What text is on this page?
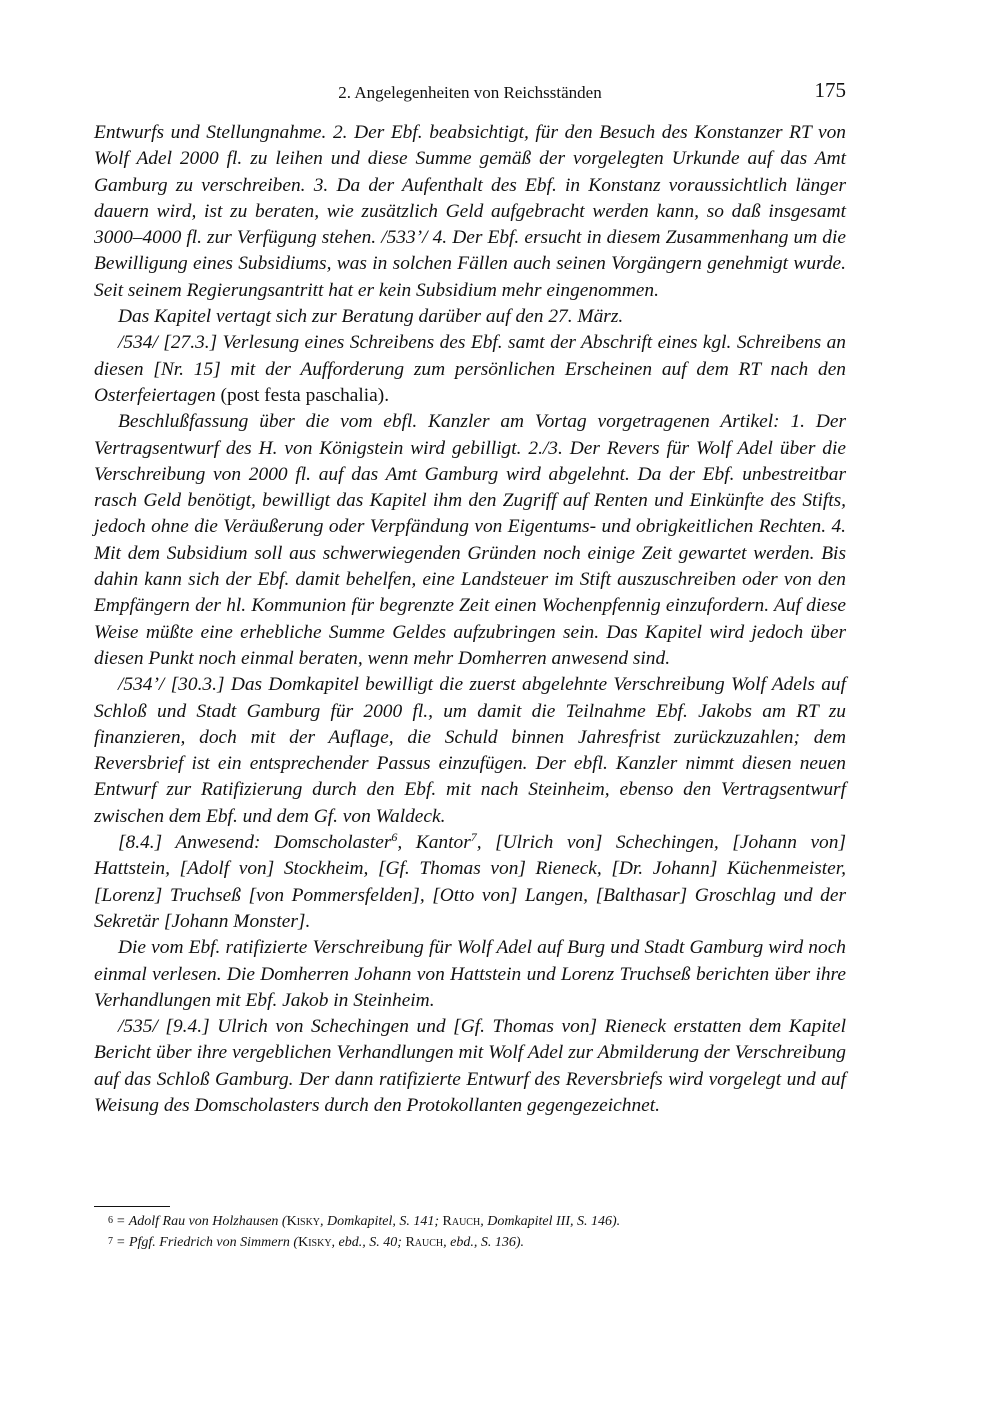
2. Angelegenheiten von Reichsständen	175

Entwurfs und Stellungnahme. 2. Der Ebf. beabsichtigt, für den Besuch des Konstanzer RT von Wolf Adel 2000 fl. zu leihen und diese Summe gemäß der vorgelegten Urkunde auf das Amt Gamburg zu verschreiben. 3. Da der Aufenthalt des Ebf. in Konstanz voraussichtlich länger dauern wird, ist zu beraten, wie zusätzlich Geld aufgebracht werden kann, so daß insgesamt 3000–4000 fl. zur Verfügung stehen. /533’/ 4. Der Ebf. ersucht in diesem Zusammenhang um die Bewilligung eines Subsidiums, was in solchen Fällen auch seinen Vorgängern genehmigt wurde. Seit seinem Regierungsantritt hat er kein Subsidium mehr eingenommen.

Das Kapitel vertagt sich zur Beratung darüber auf den 27. März.

/534/ [27.3.] Verlesung eines Schreibens des Ebf. samt der Abschrift eines kgl. Schreibens an diesen [Nr. 15] mit der Aufforderung zum persönlichen Erscheinen auf dem RT nach den Osterfeiertagen (post festa paschalia).

Beschlußfassung über die vom ebfl. Kanzler am Vortag vorgetragenen Artikel: 1. Der Vertragsentwurf des H. von Königstein wird gebilligt. 2./3. Der Revers für Wolf Adel über die Verschreibung von 2000 fl. auf das Amt Gamburg wird abgelehnt. Da der Ebf. unbestreitbar rasch Geld benötigt, bewilligt das Kapitel ihm den Zugriff auf Renten und Einkünfte des Stifts, jedoch ohne die Veräußerung oder Verpfändung von Eigentums- und obrigkeitlichen Rechten. 4. Mit dem Subsidium soll aus schwerwiegenden Gründen noch einige Zeit gewartet werden. Bis dahin kann sich der Ebf. damit behelfen, eine Landsteuer im Stift auszuschreiben oder von den Empfängern der hl. Kommunion für begrenzte Zeit einen Wochenpfennig einzufordern. Auf diese Weise müßte eine erhebliche Summe Geldes aufzubringen sein. Das Kapitel wird jedoch über diesen Punkt noch einmal beraten, wenn mehr Domherren anwesend sind.

/534’/ [30.3.] Das Domkapitel bewilligt die zuerst abgelehnte Verschreibung Wolf Adels auf Schloß und Stadt Gamburg für 2000 fl., um damit die Teilnahme Ebf. Jakobs am RT zu finanzieren, doch mit der Auflage, die Schuld binnen Jahresfrist zurückzuzahlen; dem Reversbrief ist ein entsprechender Passus einzufügen. Der ebfl. Kanzler nimmt diesen neuen Entwurf zur Ratifizierung durch den Ebf. mit nach Steinheim, ebenso den Vertragsentwurf zwischen dem Ebf. und dem Gf. von Waldeck.

[8.4.] Anwesend: Domscholaster$^6$, Kantor$^7$, [Ulrich von] Schechingen, [Johann von] Hattstein, [Adolf von] Stockheim, [Gf. Thomas von] Rieneck, [Dr. Johann] Küchenmeister, [Lorenz] Truchseß [von Pommersfelden], [Otto von] Langen, [Balthasar] Groschlag und der Sekretär [Johann Monster].

Die vom Ebf. ratifizierte Verschreibung für Wolf Adel auf Burg und Stadt Gamburg wird noch einmal verlesen. Die Domherren Johann von Hattstein und Lorenz Truchseß berichten über ihre Verhandlungen mit Ebf. Jakob in Steinheim.

/535/ [9.4.] Ulrich von Schechingen und [Gf. Thomas von] Rieneck erstatten dem Kapitel Bericht über ihre vergeblichen Verhandlungen mit Wolf Adel zur Abmilderung der Verschreibung auf das Schloß Gamburg. Der dann ratifizierte Entwurf des Reversbriefs wird vorgelegt und auf Weisung des Domscholasters durch den Protokollanten gegengezeichnet.

6 = Adolf Rau von Holzhausen (Kisky, Domkapitel, S. 141; Rauch, Domkapitel III, S. 146).
7 = Pfgf. Friedrich von Simmern (Kisky, ebd., S. 40; Rauch, ebd., S. 136).
